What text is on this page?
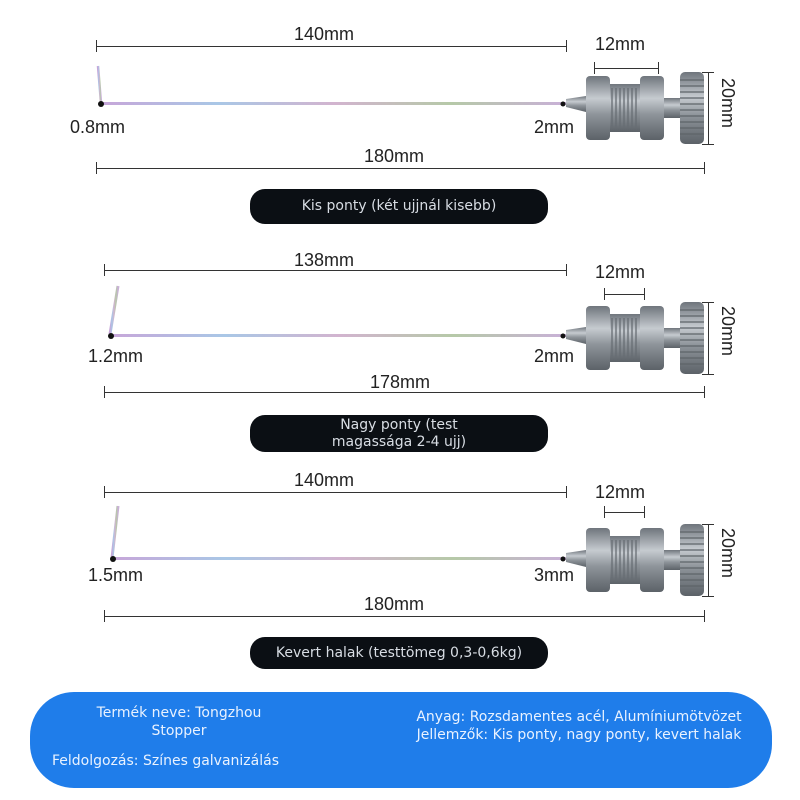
140mm	12mm
20mm
0.8mm	2mm
180mm
Kis ponty (két ujjnál kisebb)
138mm
12mm
20mm
1.2mm	2mm
178mm
Nagy ponty (test magassága 2-4 ujj)
140mm
12mm
20mm
1.5mm	3mm
180mm
Kevert halak (testtömeg 0,3-0,6kg)
Termék neve: Tongzhou Stopper
Feldolgozás: Színes galvanizálás
Anyag: Rozsdamentes acél, Alumíniumötvözet Jellemzők: Kis ponty, nagy ponty, kevert halak
